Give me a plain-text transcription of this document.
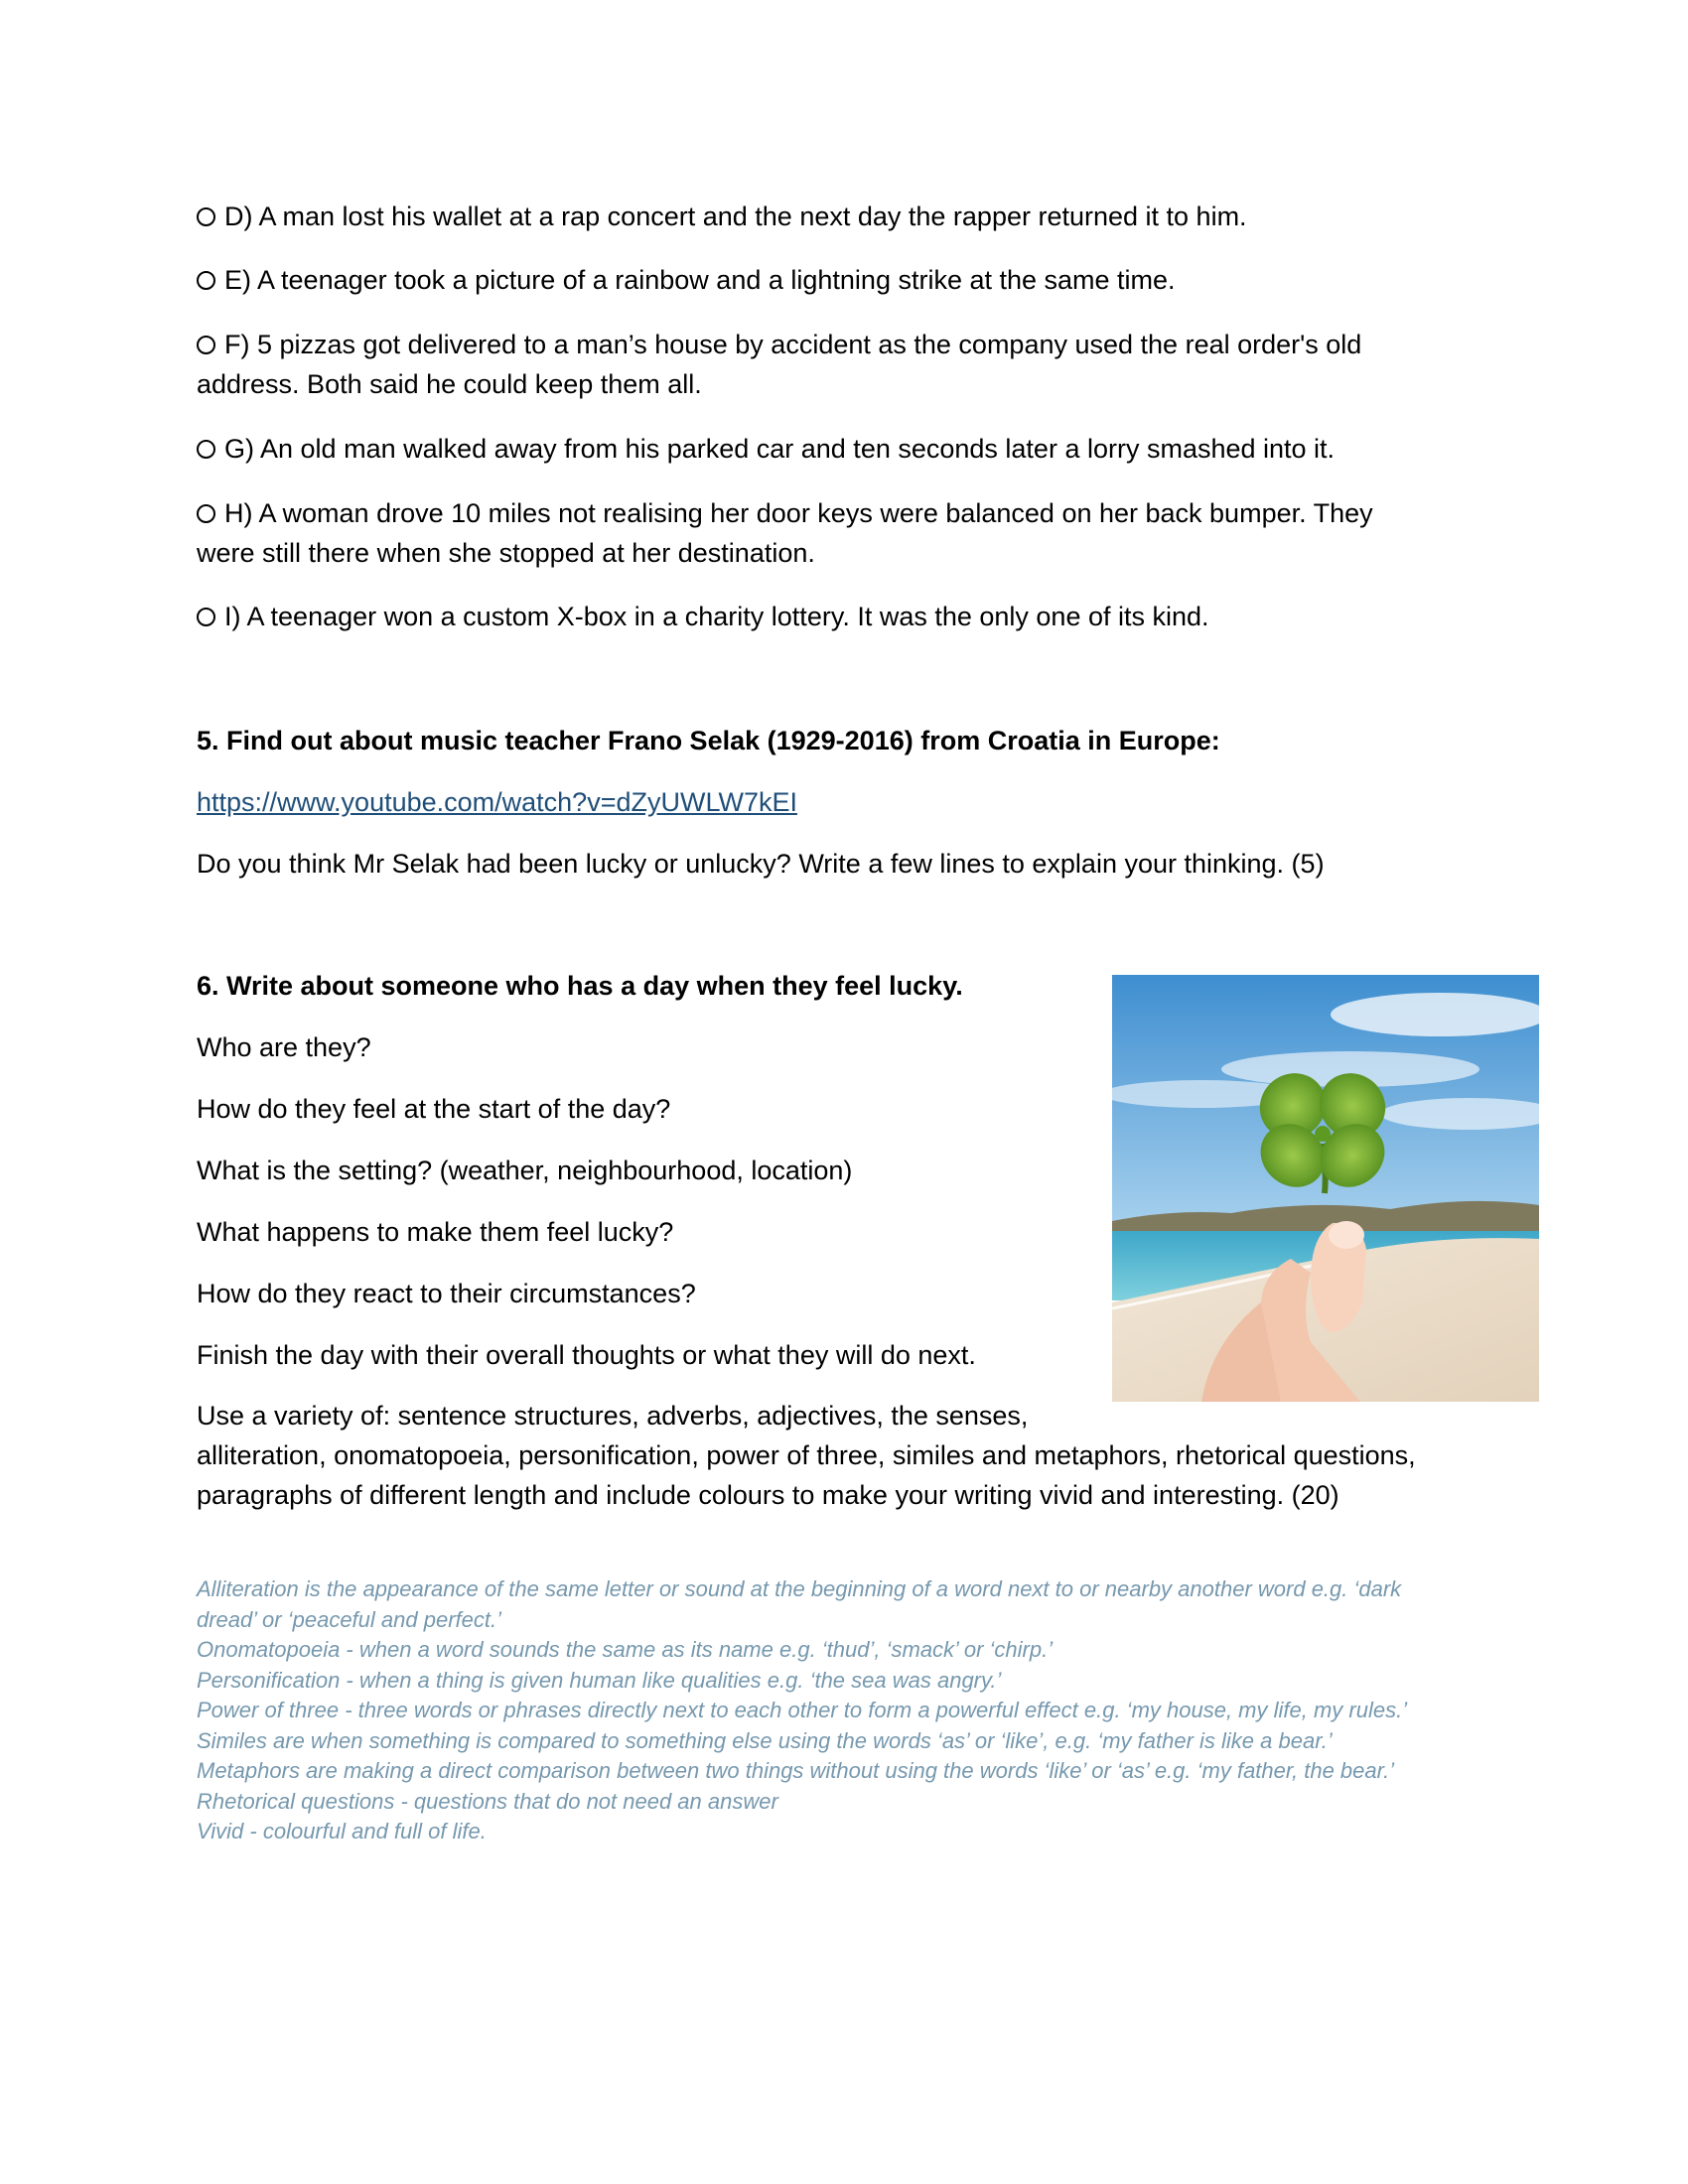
D) A man lost his wallet at a rap concert and the next day the rapper returned it to him.
E) A teenager took a picture of a rainbow and a lightning strike at the same time.
F) 5 pizzas got delivered to a man’s house by accident as the company used the real order's old
address. Both said he could keep them all.
G) An old man walked away from his parked car and ten seconds later a lorry smashed into it.
H) A woman drove 10 miles not realising her door keys were balanced on her back bumper. They
were still there when she stopped at her destination.
I) A teenager won a custom X-box in a charity lottery. It was the only one of its kind.
5. Find out about music teacher Frano Selak (1929-2016) from Croatia in Europe:
https://www.youtube.com/watch?v=dZyUWLW7kEI
Do you think Mr Selak had been lucky or unlucky? Write a few lines to explain your thinking. (5)
6. Write about someone who has a day when they feel lucky.
Who are they?
How do they feel at the start of the day?
What is the setting? (weather, neighbourhood, location)
What happens to make them feel lucky?
How do they react to their circumstances?
Finish the day with their overall thoughts or what they will do next.
Use a variety of: sentence structures, adverbs, adjectives, the senses,
alliteration, onomatopoeia, personification, power of three, similes and metaphors, rhetorical questions, paragraphs of different length and include colours to make your writing vivid and interesting. (20)
Alliteration is the appearance of the same letter or sound at the beginning of a word next to or nearby another word e.g. ‘dark
dread’ or ‘peaceful and perfect.’
Onomatopoeia - when a word sounds the same as its name e.g. ‘thud’, ‘smack’ or ‘chirp.’
Personification - when a thing is given human like qualities e.g. ‘the sea was angry.’
Power of three - three words or phrases directly next to each other to form a powerful effect e.g. ‘my house, my life, my rules.’
Similes are when something is compared to something else using the words ‘as’ or ‘like’, e.g. ‘my father is like a bear.’
Metaphors are making a direct comparison between two things without using the words ‘like’ or ‘as’ e.g. ‘my father, the bear.’
Rhetorical questions - questions that do not need an answer
Vivid - colourful and full of life.
